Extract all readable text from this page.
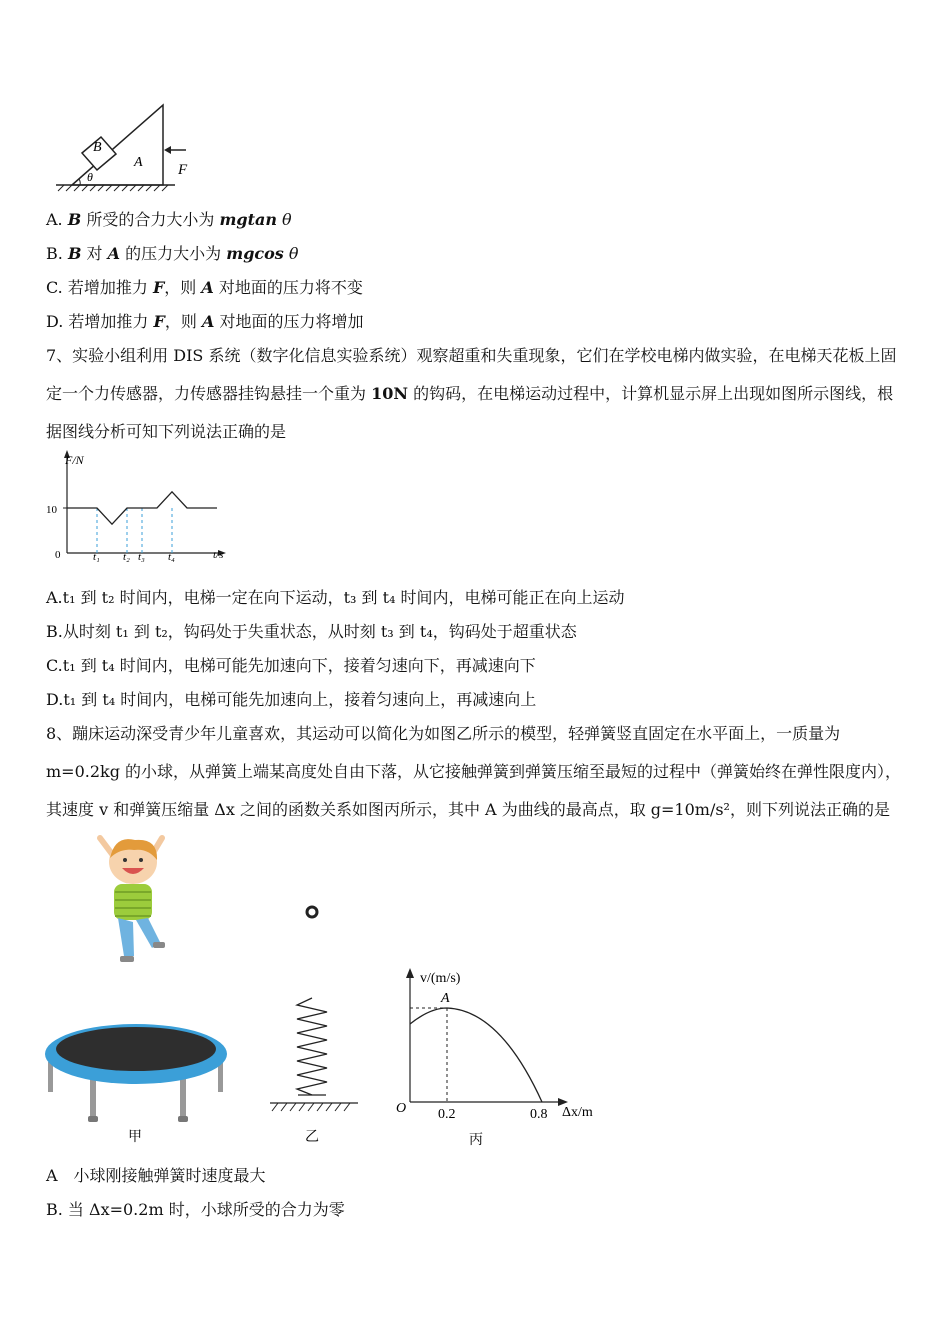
B
A
θ	F
A. B 所受的合力大小为 mgtan θ
B. B 对 A 的压力大小为 mgcos θ
C. 若增加推力 F，则 A 对地面的压力将不变
D. 若增加推力 F，则 A 对地面的压力将增加
7、实验小组利用 DIS 系统（数字化信息实验系统）观察超重和失重现象，它们在学校电梯内做实验，在电梯天花板上固
定一个力传感器，力传感器挂钩悬挂一个重为 10N 的钩码，在电梯运动过程中，计算机显示屏上出现如图所示图线，根
据图线分析可知下列说法正确的是
F/N
t/s
0
10
t₁ t₂ t₃ t₄
A.t₁ 到 t₂ 时间内，电梯一定在向下运动，t₃ 到 t₄ 时间内，电梯可能正在向上运动
B.从时刻 t₁ 到 t₂，钩码处于失重状态，从时刻 t₃ 到 t₄，钩码处于超重状态
C.t₁ 到 t₄ 时间内，电梯可能先加速向下，接着匀速向下，再减速向下
D.t₁ 到 t₄ 时间内，电梯可能先加速向上，接着匀速向上，再减速向上
8、蹦床运动深受青少年儿童喜欢，其运动可以简化为如图乙所示的模型，轻弹簧竖直固定在水平面上，一质量为
m=0.2kg 的小球，从弹簧上端某高度处自由下落，从它接触弹簧到弹簧压缩至最短的过程中（弹簧始终在弹性限度内），
其速度 v 和弹簧压缩量 Δx 之间的函数关系如图丙所示，其中 A 为曲线的最高点，取 g=10m/s²，则下列说法正确的是
甲	乙
v/(m/s)
O
A
0.2	0.8 Δx/m
丙
A　小球刚接触弹簧时速度最大
B. 当 Δx=0.2m 时，小球所受的合力为零
